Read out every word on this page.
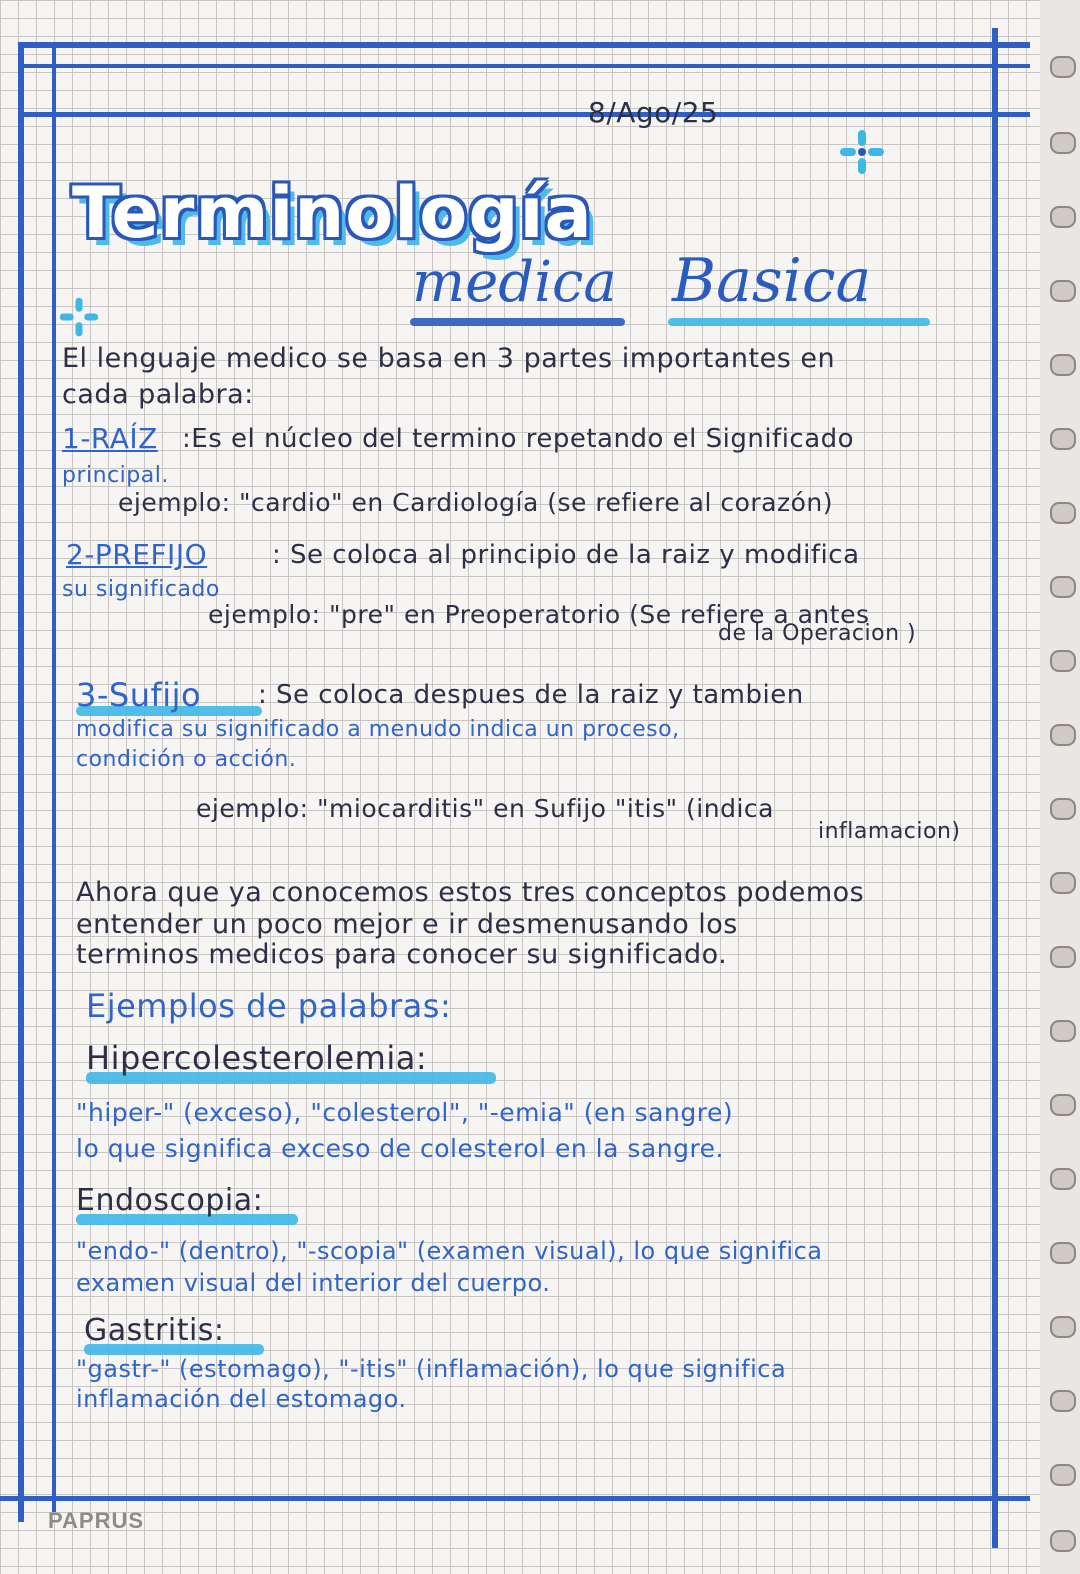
8/Ago/25
Terminología
medica Basica
El lenguaje medico se basa en 3 partes importantes en
cada palabra:
1-RAÍZ :Es el núcleo del termino repetando el Significado
principal.
ejemplo: "cardio" en Cardiología (se refiere al corazón)
2-PREFIJO : Se coloca al principio de la raiz y modifica
su significado
ejemplo: "pre" en Preoperatorio (Se refiere a antes
de la Operacion )
3-Sufijo : Se coloca despues de la raiz y tambien
modifica su significado a menudo indica un proceso,
condición o acción.
ejemplo: "miocarditis" en Sufijo "itis" (indica
inflamacion)
Ahora que ya conocemos estos tres conceptos podemos
entender un poco mejor e ir desmenusando los
terminos medicos para conocer su significado.
Ejemplos de palabras:
Hipercolesterolemia:
"hiper-" (exceso), "colesterol", "-emia" (en sangre)
lo que significa exceso de colesterol en la sangre.
Endoscopia:
"endo-" (dentro), "-scopia" (examen visual), lo que significa
examen visual del interior del cuerpo.
Gastritis:
"gastr-" (estomago), "-itis" (inflamación), lo que significa
inflamación del estomago.
PAPRUS
